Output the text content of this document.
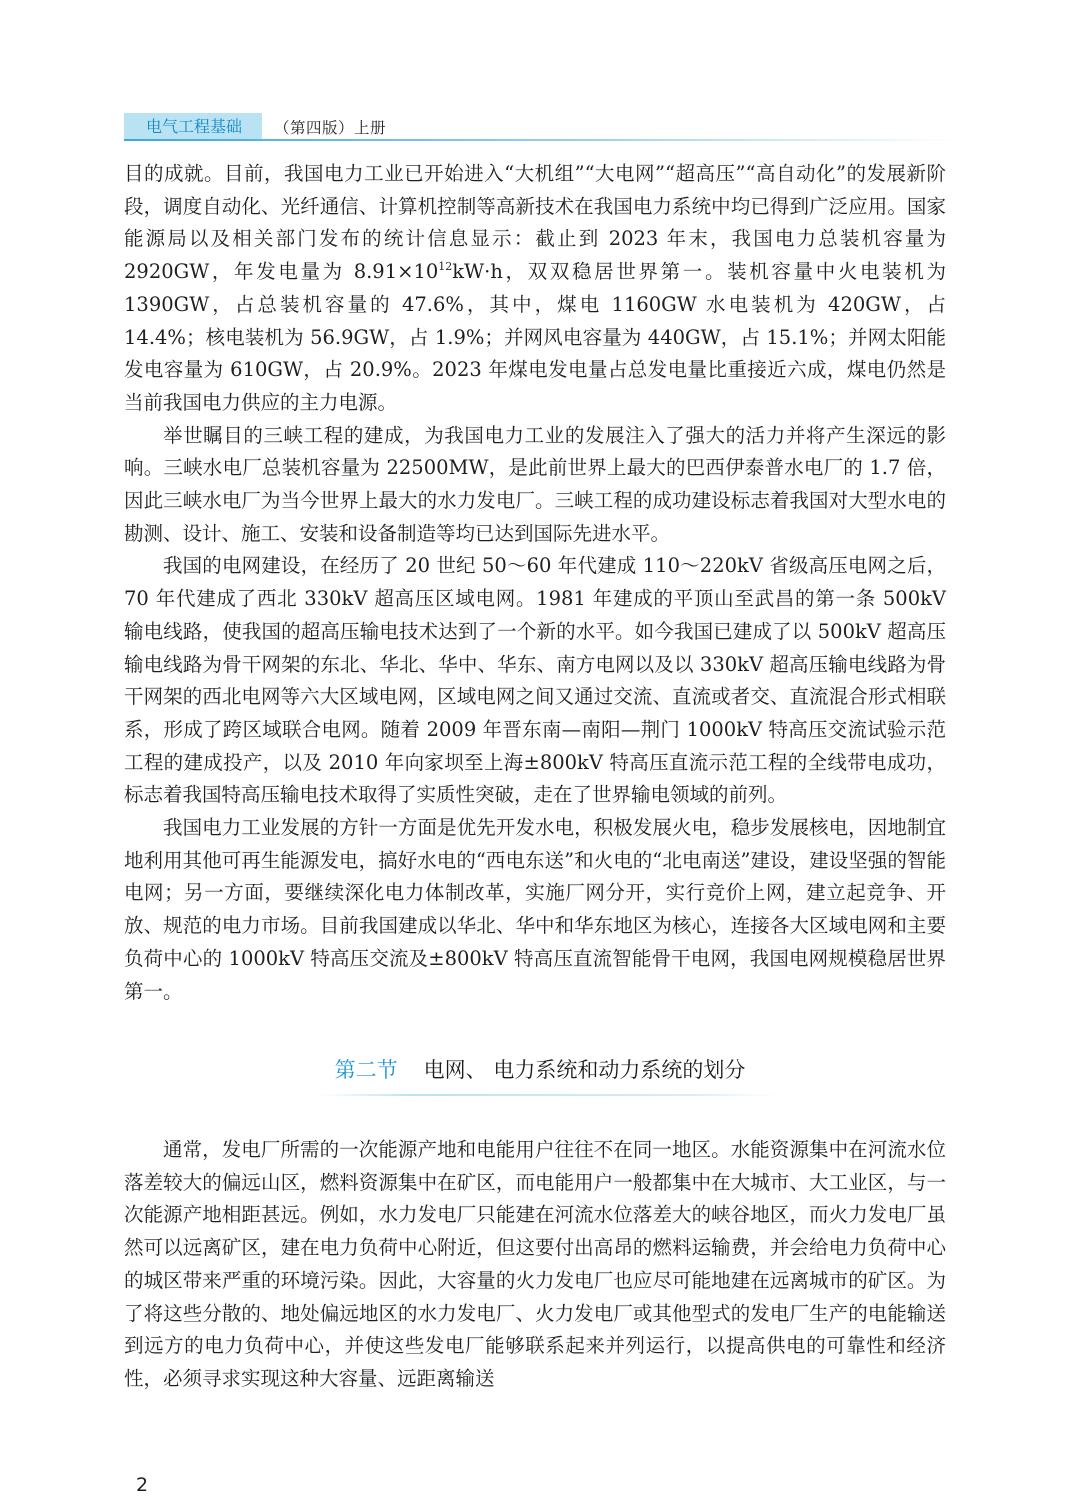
电气工程基础	（第四版）上册

目的成就。目前，我国电力工业已开始进入“大机组”“大电网”“超高压”“高自动化”的发展新阶段，调度自动化、光纤通信、计算机控制等高新技术在我国电力系统中均已得到广泛应用。国家能源局以及相关部门发布的统计信息显示：截止到 2023 年末，我国电力总装机容量为 2920GW，年发电量为 $8.91\times 10^{12}kW\cdot h$，双双稳居世界第一。装机容量中火电装机为 1390GW，占总装机容量的 47.6%，其中，煤电 1160GW 水电装机为 420GW，占 14.4%；核电装机为 56.9GW，占 1.9%；并网风电容量为 440GW，占 15.1%；并网太阳能发电容量为 610GW，占 20.9%。2023 年煤电发电量占总发电量比重接近六成，煤电仍然是当前我国电力供应的主力电源。

举世瞩目的三峡工程的建成，为我国电力工业的发展注入了强大的活力并将产生深远的影响。三峡水电厂总装机容量为 22500MW，是此前世界上最大的巴西伊泰普水电厂的 1.7 倍，因此三峡水电厂为当今世界上最大的水力发电厂。三峡工程的成功建设标志着我国对大型水电的勘测、设计、施工、安装和设备制造等均已达到国际先进水平。

我国的电网建设，在经历了 20 世纪 50～60 年代建成 110～220kV 省级高压电网之后，70 年代建成了西北 330kV 超高压区域电网。1981 年建成的平顶山至武昌的第一条 500kV 输电线路，使我国的超高压输电技术达到了一个新的水平。如今我国已建成了以 500kV 超高压输电线路为骨干网架的东北、华北、华中、华东、南方电网以及以 330kV 超高压输电线路为骨干网架的西北电网等六大区域电网，区域电网之间又通过交流、直流或者交、直流混合形式相联系，形成了跨区域联合电网。随着 2009 年晋东南—南阳—荆门 1000kV 特高压交流试验示范工程的建成投产，以及 2010 年向家坝至上海±800kV 特高压直流示范工程的全线带电成功，标志着我国特高压输电技术取得了实质性突破，走在了世界输电领域的前列。

我国电力工业发展的方针一方面是优先开发水电，积极发展火电，稳步发展核电，因地制宜地利用其他可再生能源发电，搞好水电的“西电东送”和火电的“北电南送”建设，建设坚强的智能电网；另一方面，要继续深化电力体制改革，实施厂网分开，实行竞价上网，建立起竞争、开放、规范的电力市场。目前我国建成以华北、华中和华东地区为核心，连接各大区域电网和主要负荷中心的 1000kV 特高压交流及±800kV 特高压直流智能骨干电网，我国电网规模稳居世界第一。

第二节 电网、 电力系统和动力系统的划分

通常，发电厂所需的一次能源产地和电能用户往往不在同一地区。水能资源集中在河流水位落差较大的偏远山区，燃料资源集中在矿区，而电能用户一般都集中在大城市、大工业区，与一次能源产地相距甚远。例如，水力发电厂只能建在河流水位落差大的峡谷地区，而火力发电厂虽然可以远离矿区，建在电力负荷中心附近，但这要付出高昂的燃料运输费，并会给电力负荷中心的城区带来严重的环境污染。因此，大容量的火力发电厂也应尽可能地建在远离城市的矿区。为了将这些分散的、地处偏远地区的水力发电厂、火力发电厂或其他型式的发电厂生产的电能输送到远方的电力负荷中心，并使这些发电厂能够联系起来并列运行，以提高供电的可靠性和经济性，必须寻求实现这种大容量、远距离输送

2
